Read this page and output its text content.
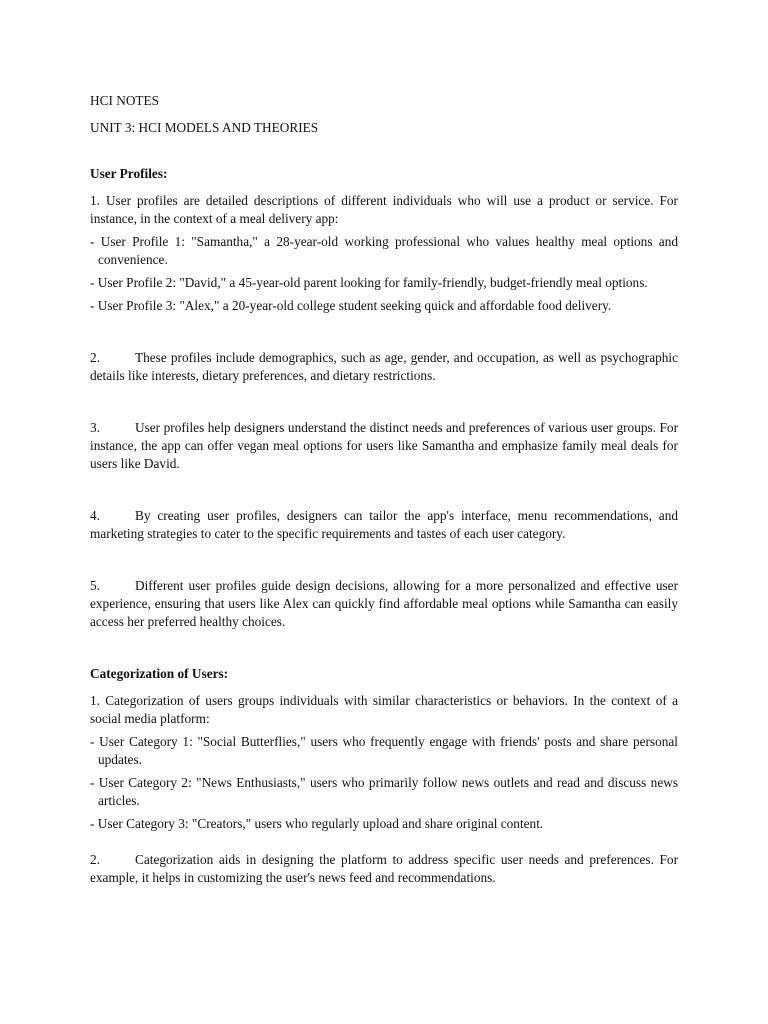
HCI NOTES

UNIT 3: HCI MODELS AND THEORIES

User Profiles:

1. User profiles are detailed descriptions of different individuals who will use a product or service. For instance, in the context of a meal delivery app:

- User Profile 1: "Samantha," a 28-year-old working professional who values healthy meal options and convenience.

- User Profile 2: "David," a 45-year-old parent looking for family-friendly, budget-friendly meal options.

- User Profile 3: "Alex," a 20-year-old college student seeking quick and affordable food delivery.

2.	These profiles include demographics, such as age, gender, and occupation, as well as psychographic details like interests, dietary preferences, and dietary restrictions.

3.	User profiles help designers understand the distinct needs and preferences of various user groups. For instance, the app can offer vegan meal options for users like Samantha and emphasize family meal deals for users like David.

4.	By creating user profiles, designers can tailor the app's interface, menu recommendations, and marketing strategies to cater to the specific requirements and tastes of each user category.

5.	Different user profiles guide design decisions, allowing for a more personalized and effective user experience, ensuring that users like Alex can quickly find affordable meal options while Samantha can easily access her preferred healthy choices.

Categorization of Users:

1. Categorization of users groups individuals with similar characteristics or behaviors. In the context of a social media platform:

- User Category 1: "Social Butterflies," users who frequently engage with friends' posts and share personal updates.

- User Category 2: "News Enthusiasts," users who primarily follow news outlets and read and discuss news articles.

- User Category 3: "Creators," users who regularly upload and share original content.

2.	Categorization aids in designing the platform to address specific user needs and preferences. For example, it helps in customizing the user's news feed and recommendations.
